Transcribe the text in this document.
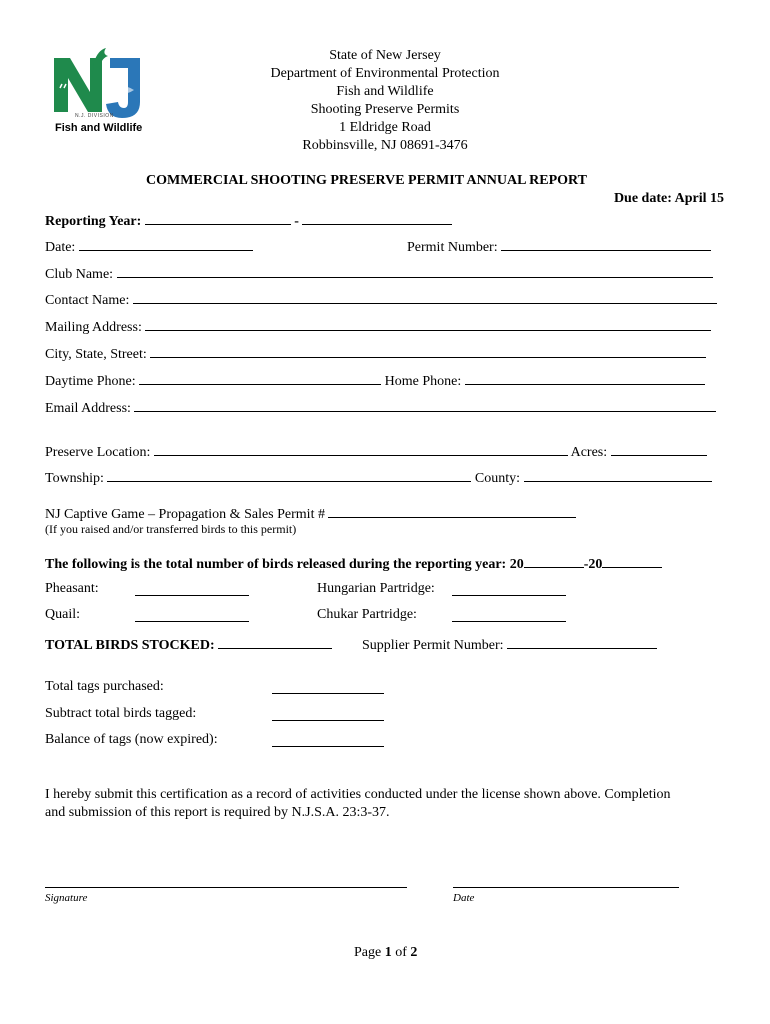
N.J. DIVISION
Fish and Wildlife
State of New Jersey
Department of Environmental Protection
Fish and Wildlife
Shooting Preserve Permits
1 Eldridge Road
Robbinsville, NJ 08691-3476
COMMERCIAL SHOOTING PRESERVE PERMIT ANNUAL REPORT
Due date: April 15
Reporting Year:	-
Date:	Permit Number:
Club Name:
Contact Name:
Mailing Address:
City, State, Street:
Daytime Phone:	Home Phone:
Email Address:
Preserve Location:	Acres:
Township:	County:
NJ Captive Game – Propagation & Sales Permit #
(If you raised and/or transferred birds to this permit)
The following is the total number of birds released during the reporting year: 20	-20
Pheasant:	Hungarian Partridge:
Quail:	Chukar Partridge:
TOTAL BIRDS STOCKED:	Supplier Permit Number:
Total tags purchased:
Subtract total birds tagged:
Balance of tags (now expired):
I hereby submit this certification as a record of activities conducted under the license shown above. Completion
and submission of this report is required by N.J.S.A. 23:3-37.
Signature	Date
Page 1 of 2
